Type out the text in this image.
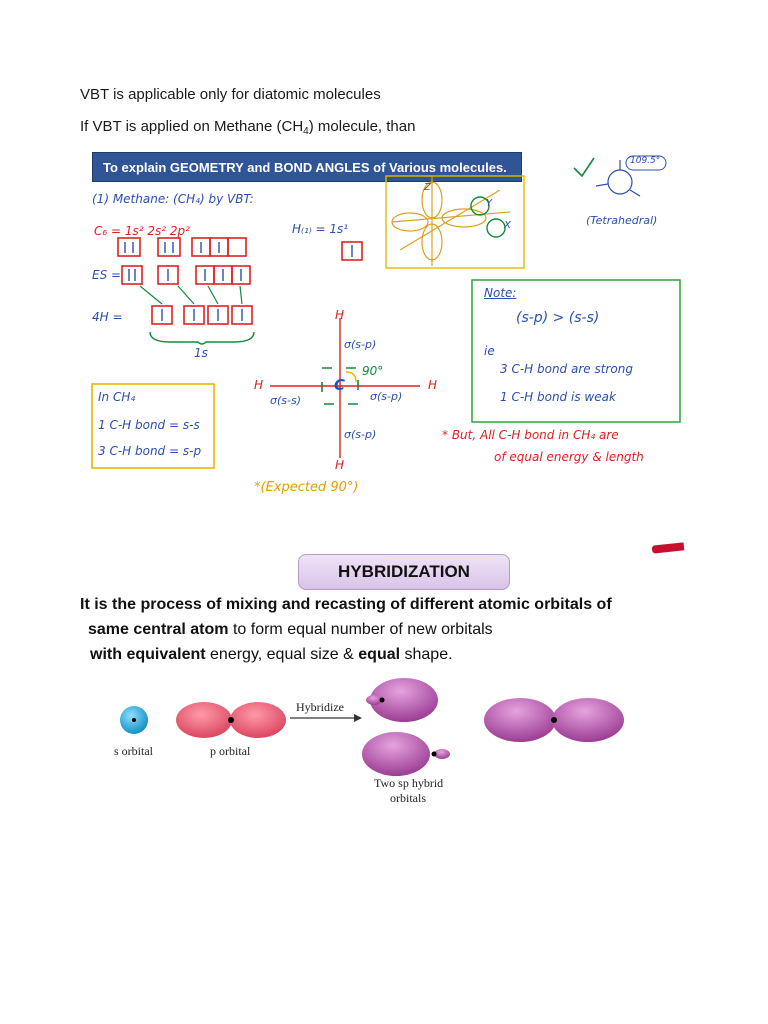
VBT is applicable only for diatomic molecules
If VBT is applied on Methane $(CH_4)$ molecule, than
To explain GEOMETRY and BOND ANGLES of Various molecules.
(1) Methane: (CH₄) by VBT:
C₆ = 1s² 2s² 2p²	H₍₁₎ = 1s¹
ES =
4H =
1s
In CH₄
1 C-H bond = s-s
3 C-H bond = s-p
H
H	H
H
C
90°
σ(s-p)
σ(s-s)	σ(s-p)
σ(s-p)
*(Expected 90°)
Z
Y
X
109.5°
(Tetrahedral)
Note:
(s-p) > (s-s)
ie
3 C-H bond are strong
1 C-H bond is weak
* But, All C-H bond in CH₄ are
of equal energy & length
HYBRIDIZATION
It is the process of mixing and recasting of different atomic orbitals of
same central atom to form equal number of new orbitals
with equivalent energy, equal size & equal shape.
s orbital	p orbital
Hybridize
Two sp hybrid
orbitals
